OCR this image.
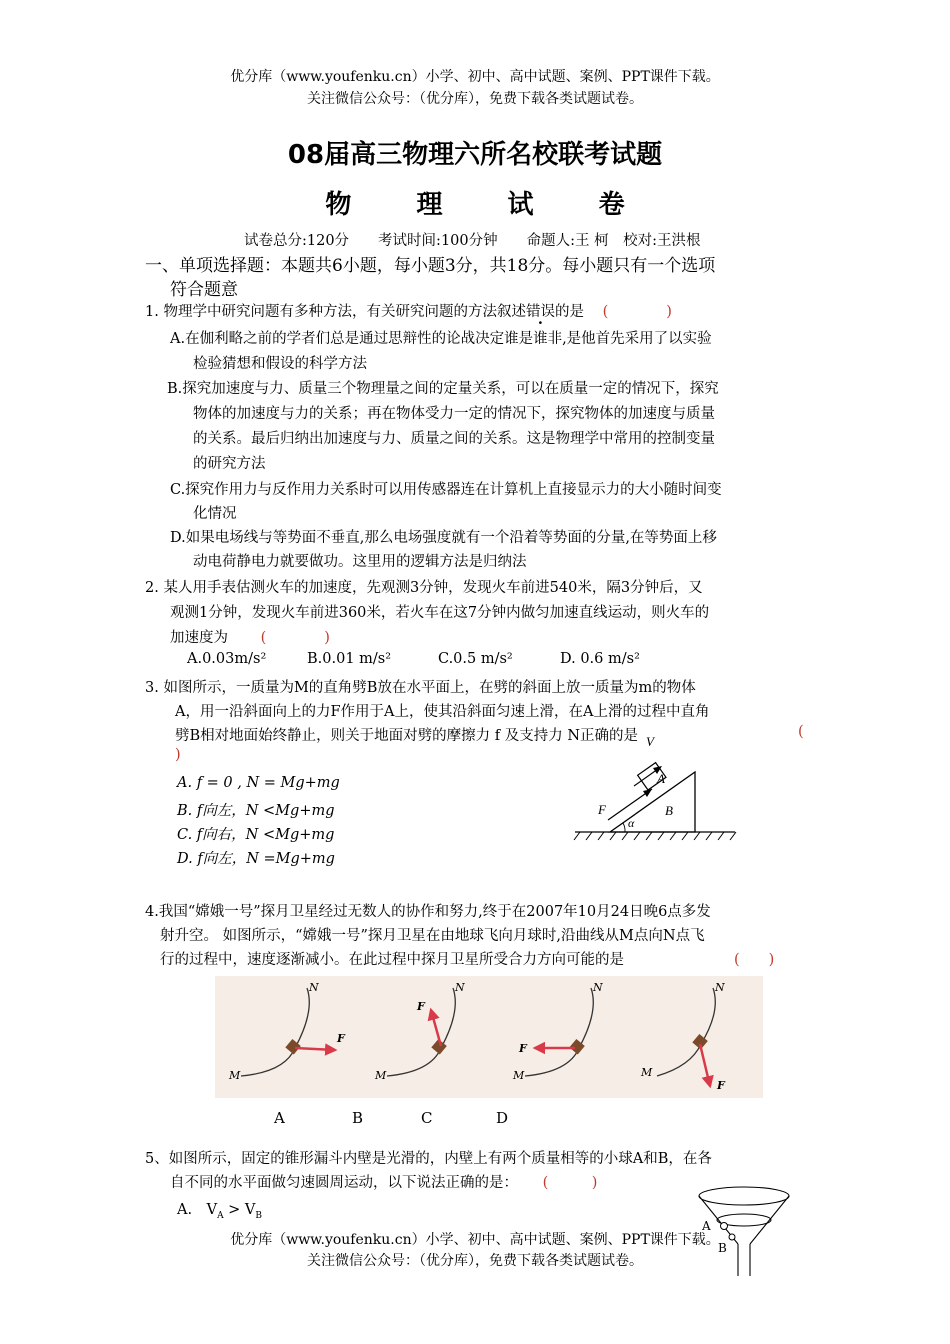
优分库（www.youfenku.cn）小学、初中、高中试题、案例、PPT课件下载。
关注微信公众号：（优分库），免费下载各类试题试卷。
08届高三物理六所名校联考试题
物 理 试 卷
试卷总分:120分　　考试时间:100分钟　　命题人:王 柯　校对:王洪根
一、单项选择题：本题共6小题，每小题3分，共18分。每小题只有一个选项
符合题意
1. 物理学中研究问题有多种方法，有关研究问题的方法叙述错误的是 (　　　　)
A.在伽利略之前的学者们总是通过思辩性的论战决定谁是谁非,是他首先采用了以实验
检验猜想和假设的科学方法
B.探究加速度与力、质量三个物理量之间的定量关系，可以在质量一定的情况下，探究
物体的加速度与力的关系；再在物体受力一定的情况下，探究物体的加速度与质量
的关系。最后归纳出加速度与力、质量之间的关系。这是物理学中常用的控制变量
的研究方法
C.探究作用力与反作用力关系时可以用传感器连在计算机上直接显示力的大小随时间变
化情况
D.如果电场线与等势面不垂直,那么电场强度就有一个沿着等势面的分量,在等势面上移
动电荷静电力就要做功。这里用的逻辑方法是归纳法
2. 某人用手表估测火车的加速度，先观测3分钟，发现火车前进540米，隔3分钟后，又
观测1分钟，发现火车前进360米，若火车在这7分钟内做匀加速直线运动，则火车的
加速度为 (　　　　)
A.0.03m/s²	B.0.01 m/s²	C.0.5 m/s²	D. 0.6 m/s²
3. 如图所示，一质量为M的直角劈B放在水平面上，在劈的斜面上放一质量为m的物体
A，用一沿斜面向上的力F作用于A上，使其沿斜面匀速上滑，在A上滑的过程中直角
劈B相对地面始终静止，则关于地面对劈的摩擦力 f 及支持力 N正确的是	(
)
A. f = 0 , N = Mg+mg
B. f向左，N <Mg+mg
C. f向右，N <Mg+mg
D. f向左，N =Mg+mg
V
A
B
F
α
4.我国“嫦娥一号”探月卫星经过无数人的协作和努力,终于在2007年10月24日晚6点多发
射升空。 如图所示，“嫦娥一号”探月卫星在由地球飞向月球时,沿曲线从M点向N点飞
行的过程中，速度逐渐减小。在此过程中探月卫星所受合力方向可能的是	(　　)
M
N
F
M
N
F
M
N
F
M
N
F
A	B	C	D
5、如图所示，固定的锥形漏斗内壁是光滑的，内壁上有两个质量相等的小球A和B，在各
自不同的水平面做匀速圆周运动，以下说法正确的是： (　　　)
A.　$V_A > V_B$
A
B
优分库（www.youfenku.cn）小学、初中、高中试题、案例、PPT课件下载。
关注微信公众号：（优分库），免费下载各类试题试卷。
